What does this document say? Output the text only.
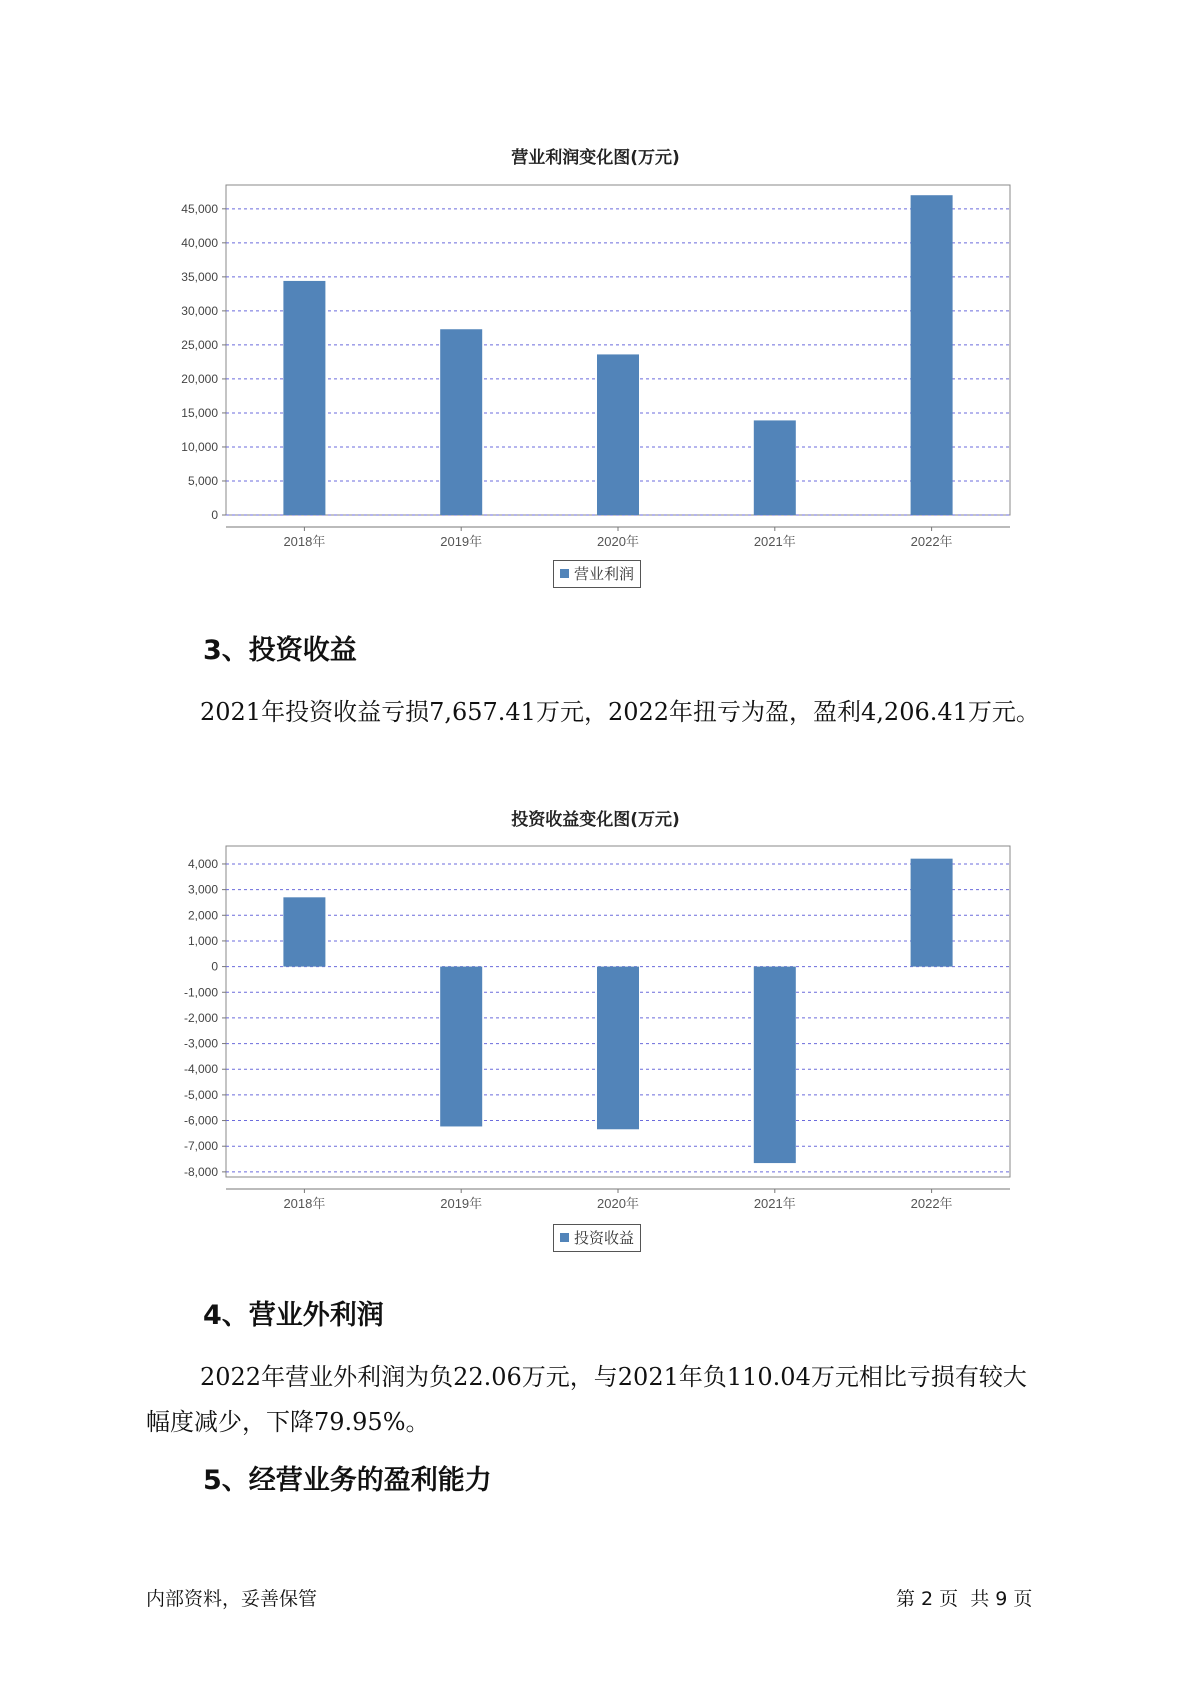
营业利润变化图(万元)
0
5,000
10,000
15,000
20,000
25,000
30,000
35,000
40,000
45,000
2018年	2019年	2020年	2021年	2022年
营业利润
3、投资收益
2021年投资收益亏损7,657.41万元，2022年扭亏为盈，盈利4,206.41万元。
投资收益变化图(万元)
-8,000
-7,000
-6,000
-5,000
-4,000
-3,000
-2,000
-1,000
0
1,000
2,000
3,000
4,000
2018年	2019年	2020年	2021年	2022年
投资收益
4、营业外利润
2022年营业外利润为负22.06万元，与2021年负110.04万元相比亏损有较大幅度减少，下降79.95%。
5、经营业务的盈利能力
内部资料，妥善保管	第 2 页  共 9 页
